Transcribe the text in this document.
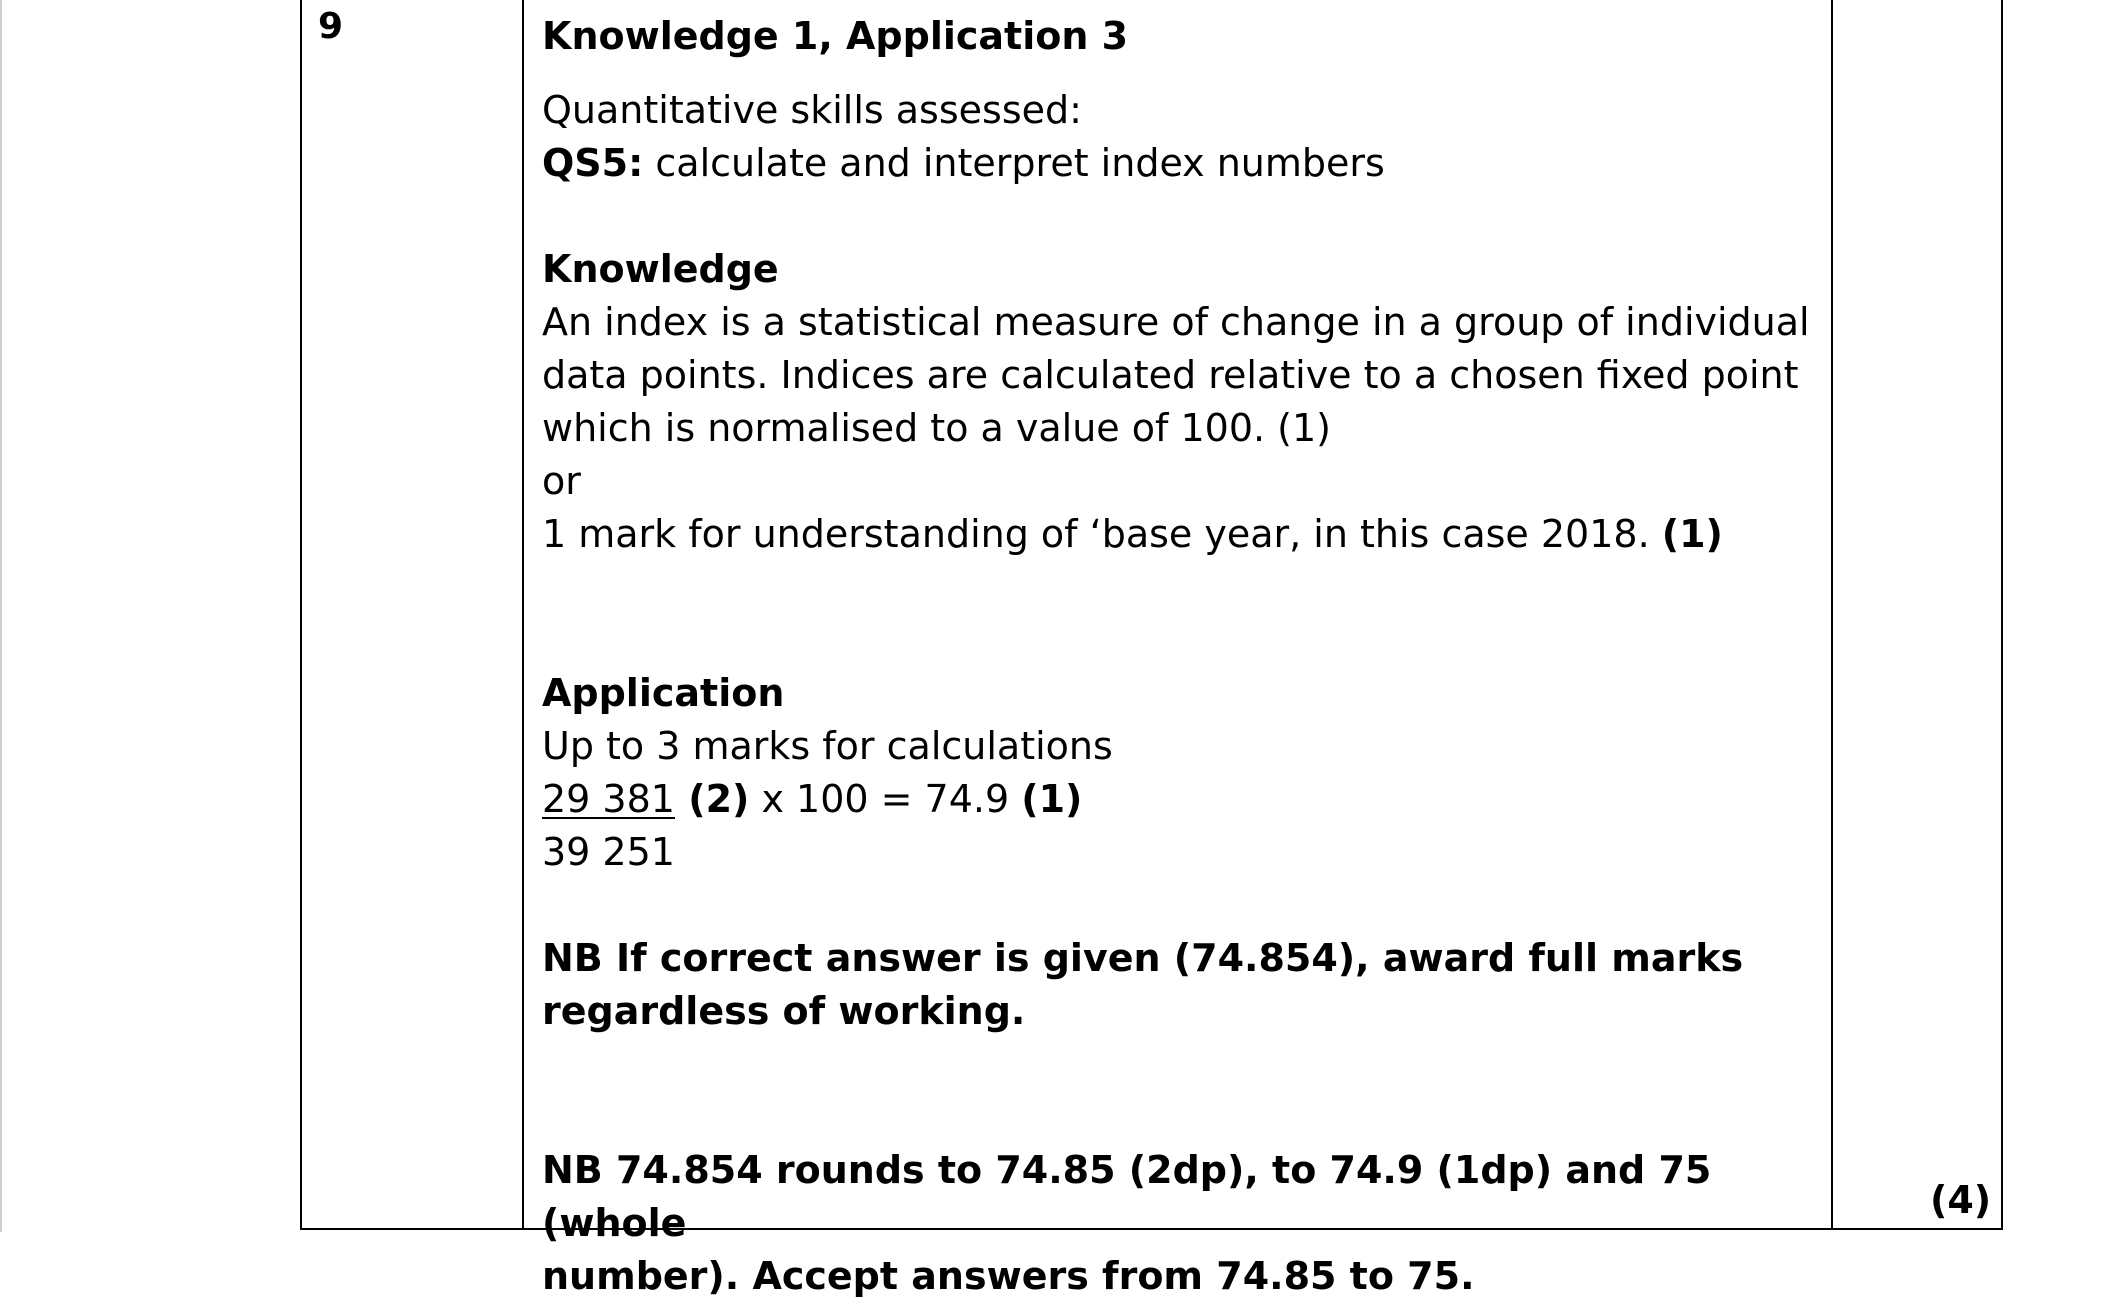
9	Knowledge 1, Application 3

Quantitative skills assessed:

QS5: calculate and interpret index numbers

Knowledge

An index is a statistical measure of change in a group of individual

data points. Indices are calculated relative to a chosen fixed point

which is normalised to a value of 100. (1)

or

1 mark for understanding of ‘base year, in this case 2018. (1)

Application

Up to 3 marks for calculations

29 381 (2) x 100 = 74.9 (1)

39 251

NB If correct answer is given (74.854), award full marks

regardless of working.

NB 74.854 rounds to 74.85 (2dp), to 74.9 (1dp) and 75 (whole

number). Accept answers from 74.85 to 75.

(4)
